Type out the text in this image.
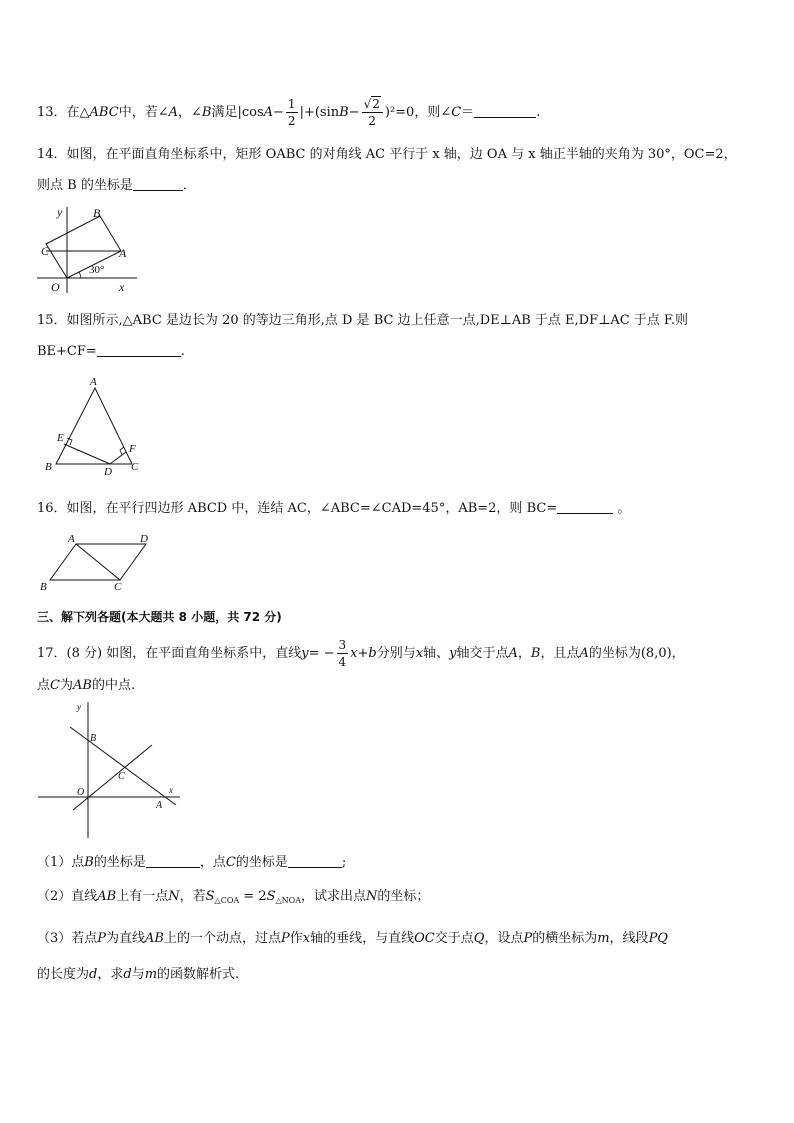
13．在△ABC中，若∠A，∠B满足$|\cos A- \frac{1}{2} |+(\sin B- \frac{√2}{2} )^2=0$，则∠C＝	.
14．如图，在平面直角坐标系中，矩形 OABC 的对角线 AC 平行于 x 轴，边 OA 与 x 轴正半轴的夹角为 30°，OC=2，
则点 B 的坐标是	．
y	B
C	A
30°
O	x
15．如图所示,△ABC 是边长为 20 的等边三角形,点 D 是 BC 边上任意一点,DE⊥AB 于点 E,DF⊥AC 于点 F.则
BE+CF=	.
A
E
F
B	D C
16．如图，在平行四边形 ABCD 中，连结 AC，∠ABC=∠CAD=45°，AB=2，则 BC=	。
A	D
B	C
三、解下列各题(本大题共 8 小题，共 72 分)
17．(8 分) 如图，在平面直角坐标系中，直线$y= - \frac{3}{4} x+b$分别与x轴、y轴交于点A，B，且点A的坐标为(8,0)，
点C为AB的中点.
y
B
C
O	x
A
（1）点B的坐标是	，点C的坐标是	;
（2）直线AB上有一点N，若$S_{\triangle COA} = 2S_{\triangle NOA}$，试求出点N的坐标；
（3）若点P为直线AB上的一个动点，过点P作x轴的垂线，与直线OC交于点Q，设点P的横坐标为m，线段PQ
的长度为d，求d与m的函数解析式.
